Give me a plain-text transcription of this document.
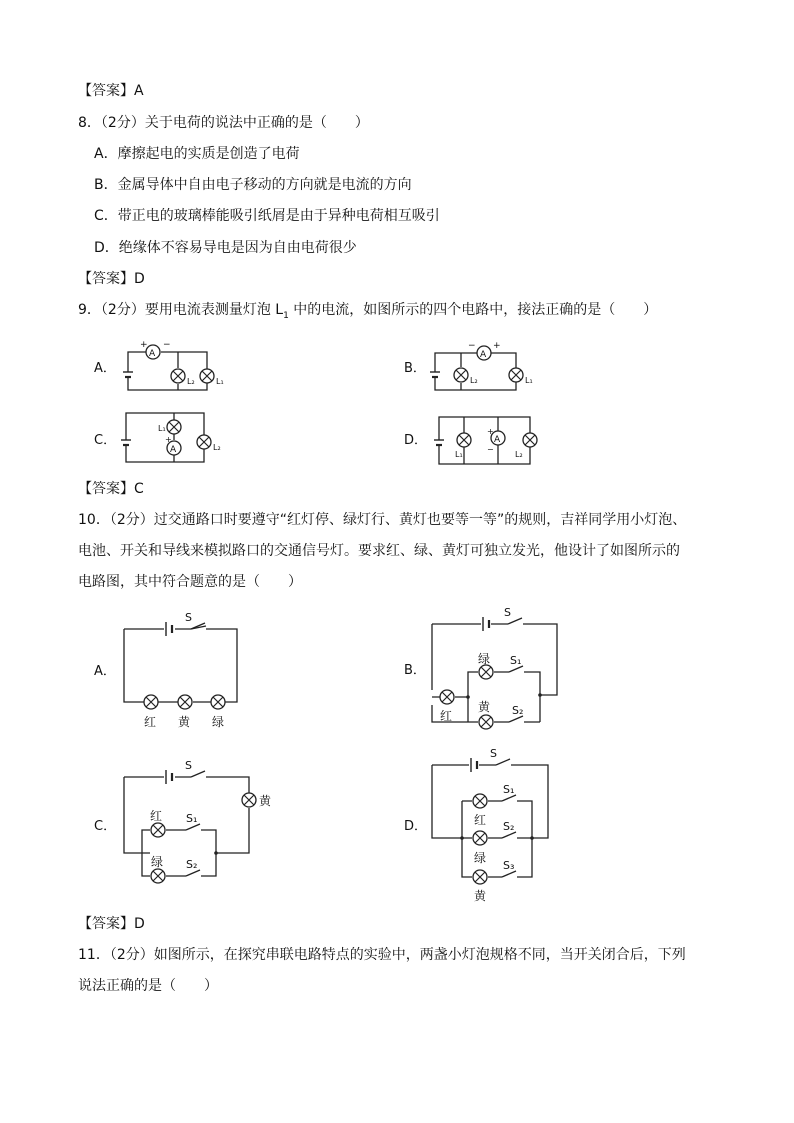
【答案】A
8．（2分）关于电荷的说法中正确的是（　　）
A．摩擦起电的实质是创造了电荷
B．金属导体中自由电子移动的方向就是电流的方向
C．带正电的玻璃棒能吸引纸屑是由于异种电荷相互吸引
D．绝缘体不容易导电是因为自由电荷很少
【答案】D
9．（2分）要用电流表测量灯泡 $L_1$ 中的电流，如图所示的四个电路中，接法正确的是（　　）
A．
A
+ −
L₂	L₁
B．
A
− +
L₂	L₁
C．
A
L₁
+
L₂	D．	A
+
−
L₁	L₂
A．
S
红 黄 绿
B．
S
红
绿 S₁
黄 S₂
C．
S
黄
红 S₁
绿 S₂
D．
S
红
S₁
绿
S₂
黄
S₃
【答案】C
10．（2分）过交通路口时要遵守“红灯停、绿灯行、黄灯也要等一等”的规则，吉祥同学用小灯泡、
电池、开关和导线来模拟路口的交通信号灯。要求红、绿、黄灯可独立发光，他设计了如图所示的
电路图，其中符合题意的是（　　）
【答案】D
11．（2分）如图所示，在探究串联电路特点的实验中，两盏小灯泡规格不同，当开关闭合后，下列
说法正确的是（　　）
